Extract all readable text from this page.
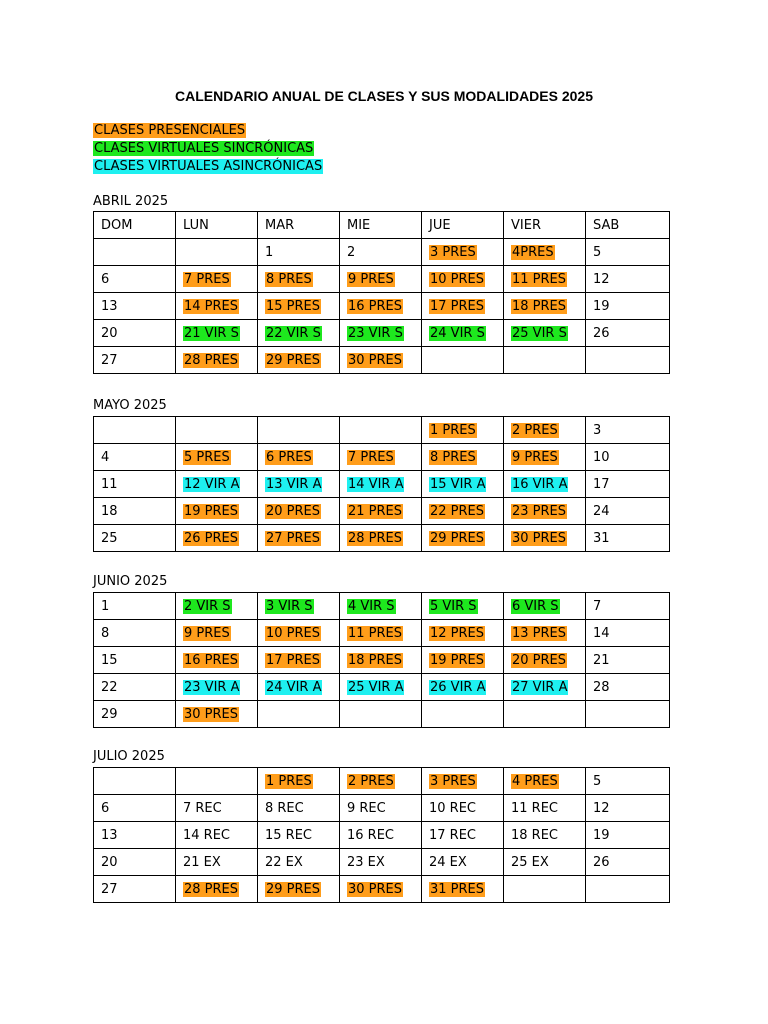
CALENDARIO ANUAL DE CLASES Y SUS MODALIDADES 2025
CLASES PRESENCIALES
CLASES VIRTUALES SINCRÓNICAS
CLASES VIRTUALES ASINCRÓNICAS
ABRIL 2025
DOM	LUN	MAR	MIE	JUE	VIER	SAB
		1	2	3 PRES	4PRES	5
6	7 PRES	8 PRES	9 PRES	10 PRES	11 PRES	12
13	14 PRES	15 PRES	16 PRES	17 PRES	18 PRES	19
20	21 VIR S	22 VIR S	23 VIR S	24 VIR S	25 VIR S	26
27	28 PRES	29 PRES	30 PRES			
MAYO 2025
				1 PRES	2 PRES	3
4	5 PRES	6 PRES	7 PRES	8 PRES	9 PRES	10
11	12 VIR A	13 VIR A	14 VIR A	15 VIR A	16 VIR A	17
18	19 PRES	20 PRES	21 PRES	22 PRES	23 PRES	24
25	26 PRES	27 PRES	28 PRES	29 PRES	30 PRES	31
JUNIO 2025
1	2 VIR S	3 VIR S	4 VIR S	5 VIR S	6 VIR S	7
8	9 PRES	10 PRES	11 PRES	12 PRES	13 PRES	14
15	16 PRES	17 PRES	18 PRES	19 PRES	20 PRES	21
22	23 VIR A	24 VIR A	25 VIR A	26 VIR A	27 VIR A	28
29	30 PRES					
JULIO 2025
		1 PRES	2 PRES	3 PRES	4 PRES	5
6	7 REC	8 REC	9 REC	10 REC	11 REC	12
13	14 REC	15 REC	16 REC	17 REC	18 REC	19
20	21 EX	22 EX	23 EX	24 EX	25 EX	26
27	28 PRES	29 PRES	30 PRES	31 PRES		
